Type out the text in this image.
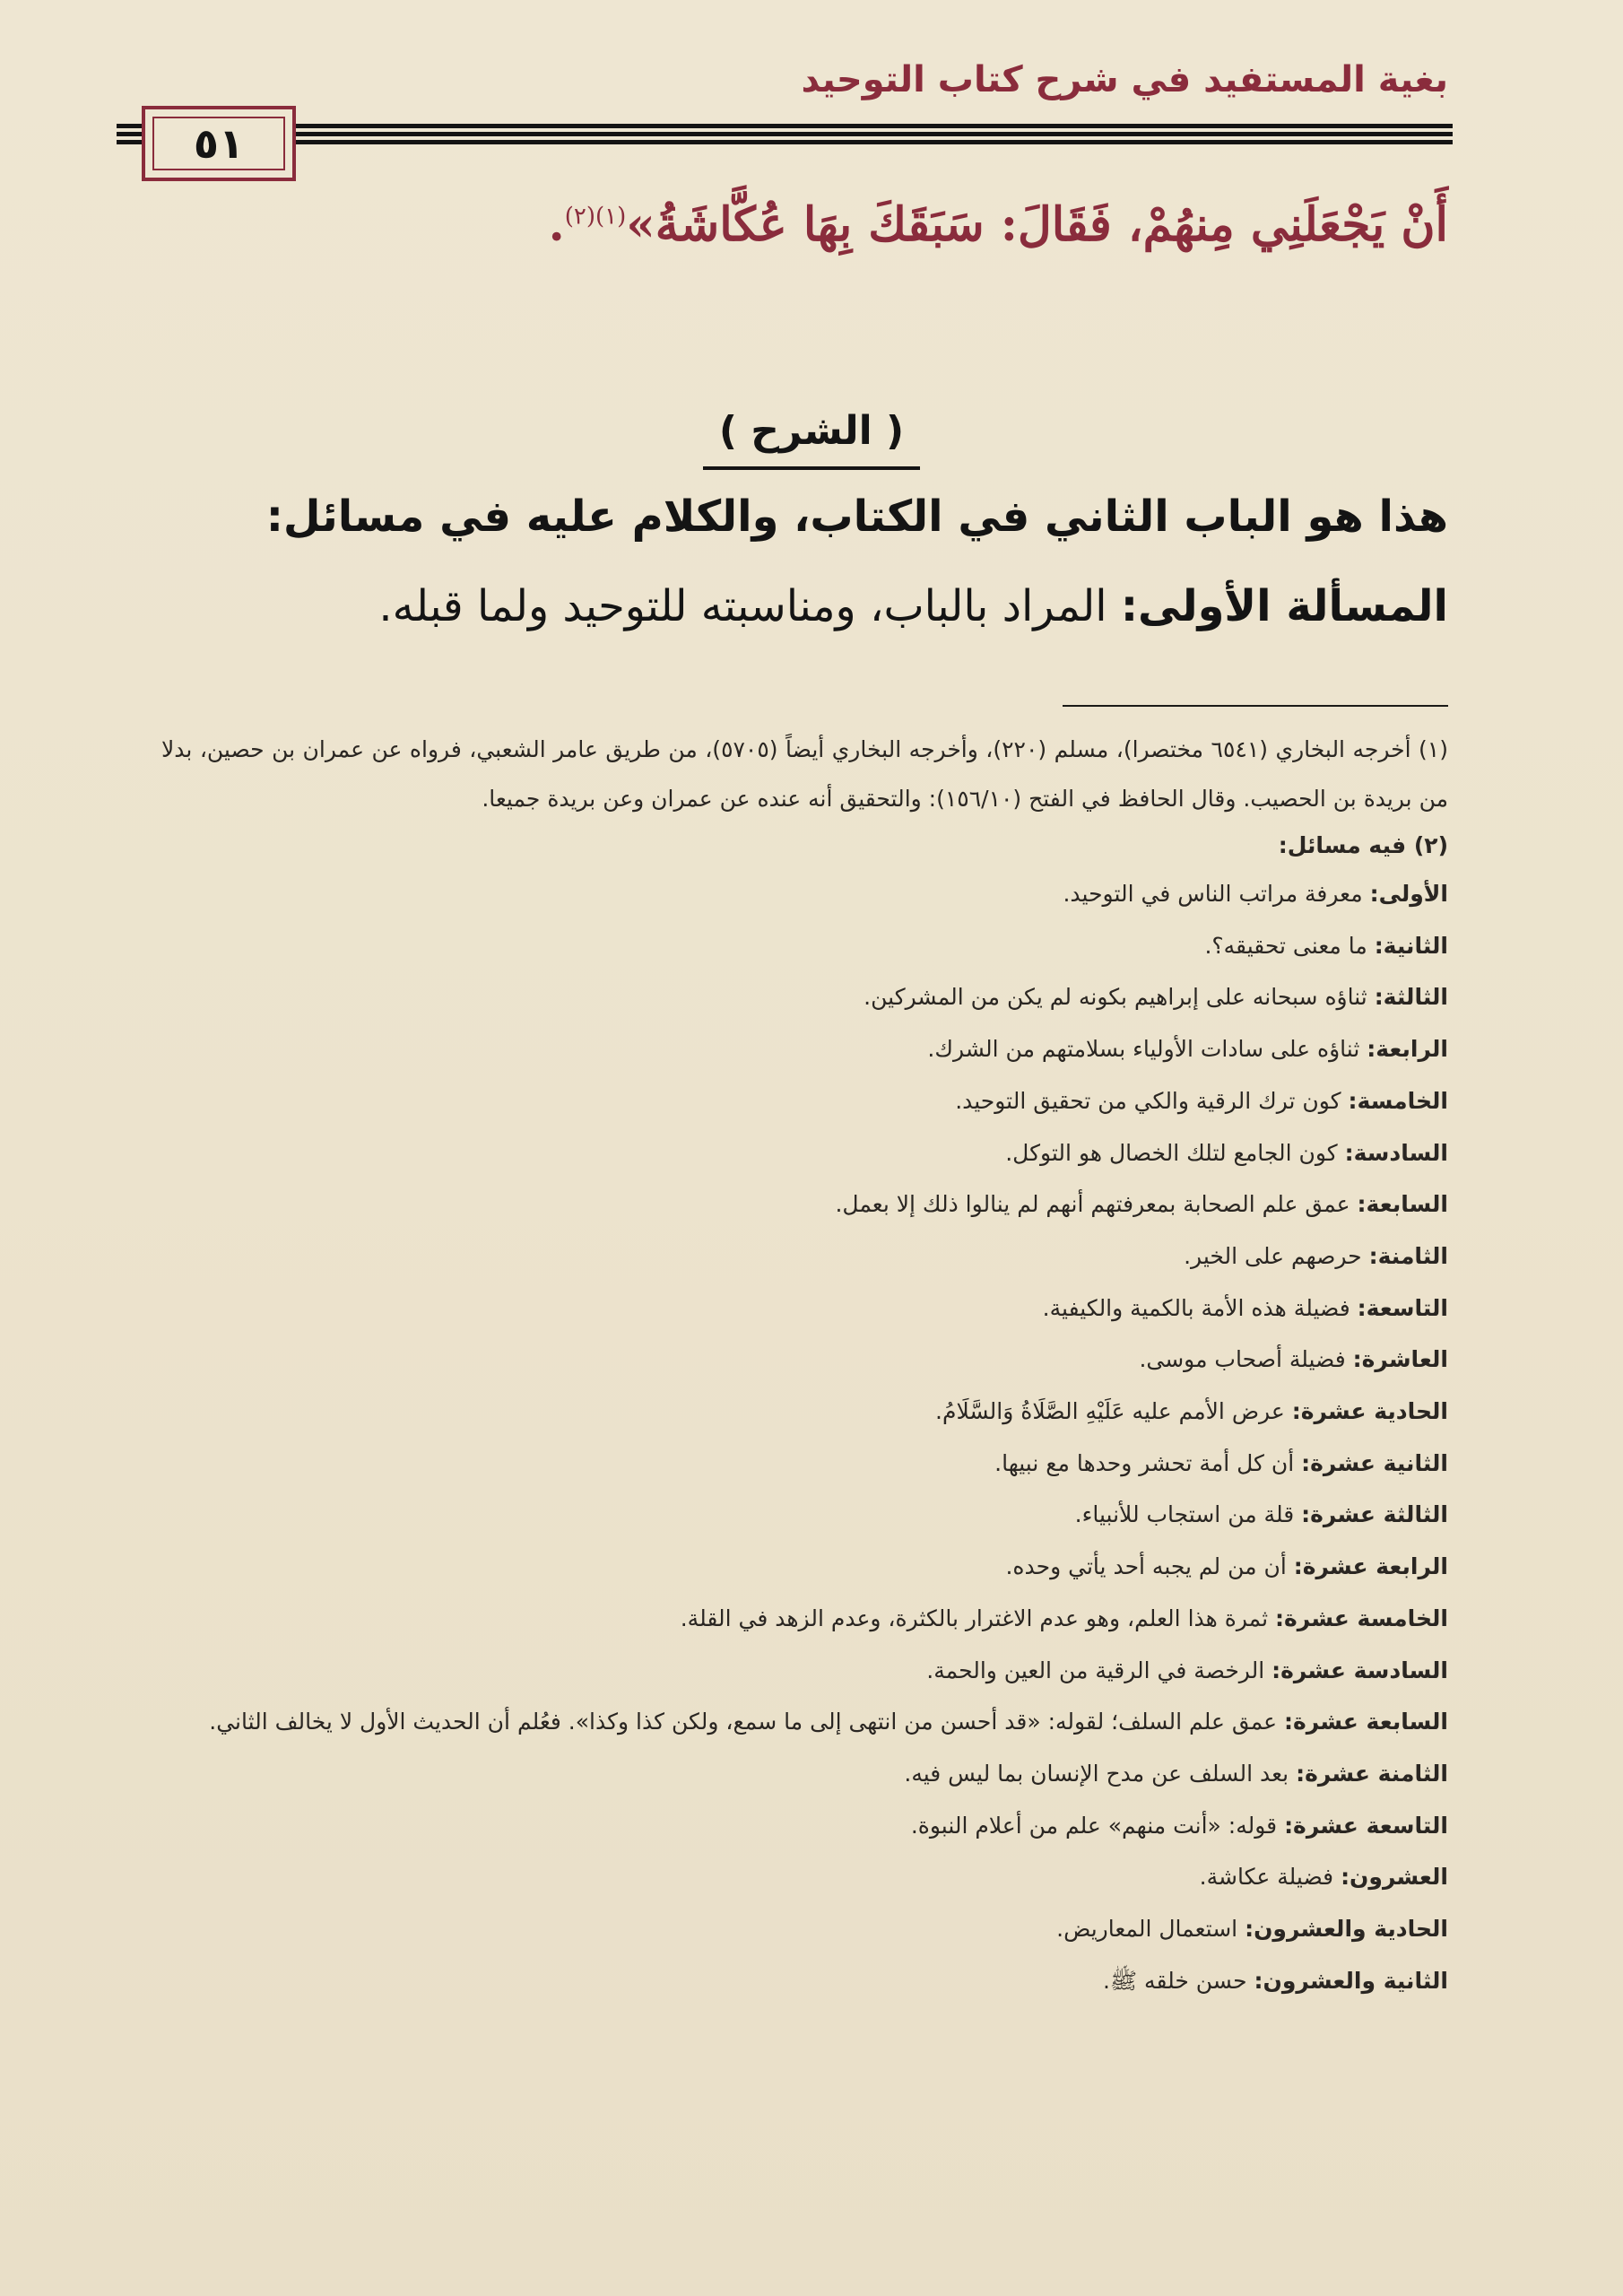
بغية المستفيد في شرح كتاب التوحيد
٥١
أَنْ يَجْعَلَنِي مِنهُمْ، فَقَالَ: سَبَقَكَ بِهَا عُكَّاشَةُ»$^{(١)(٢)}$.
( الشرح )
هذا هو الباب الثاني في الكتاب، والكلام عليه في مسائل:
المسألة الأولى: المراد بالباب، ومناسبته للتوحيد ولما قبله.

(١) أخرجه البخاري (٦٥٤١ مختصرا)، مسلم (٢٢٠)، وأخرجه البخاري أيضاً (٥٧٠٥)، من طريق عامر الشعبي، فرواه عن عمران بن حصين، بدلا من بريدة بن الحصيب. وقال الحافظ في الفتح (١٥٦/١٠): والتحقيق أنه عنده عن عمران وعن بريدة جميعا.

(٢) فيه مسائل:

الأولى: معرفة مراتب الناس في التوحيد.

الثانية: ما معنى تحقيقه؟.

الثالثة: ثناؤه سبحانه على إبراهيم بكونه لم يكن من المشركين.

الرابعة: ثناؤه على سادات الأولياء بسلامتهم من الشرك.

الخامسة: كون ترك الرقية والكي من تحقيق التوحيد.

السادسة: كون الجامع لتلك الخصال هو التوكل.

السابعة: عمق علم الصحابة بمعرفتهم أنهم لم ينالوا ذلك إلا بعمل.

الثامنة: حرصهم على الخير.

التاسعة: فضيلة هذه الأمة بالكمية والكيفية.

العاشرة: فضيلة أصحاب موسى.

الحادية عشرة: عرض الأمم عليه عَلَيْهِ الصَّلَاةُ وَالسَّلَامُ.

الثانية عشرة: أن كل أمة تحشر وحدها مع نبيها.

الثالثة عشرة: قلة من استجاب للأنبياء.

الرابعة عشرة: أن من لم يجبه أحد يأتي وحده.

الخامسة عشرة: ثمرة هذا العلم، وهو عدم الاغترار بالكثرة، وعدم الزهد في القلة.

السادسة عشرة: الرخصة في الرقية من العين والحمة.

السابعة عشرة: عمق علم السلف؛ لقوله: «قد أحسن من انتهى إلى ما سمع، ولكن كذا وكذا». فعُلم أن الحديث الأول لا يخالف الثاني.

الثامنة عشرة: بعد السلف عن مدح الإنسان بما ليس فيه.

التاسعة عشرة: قوله: «أنت منهم» علم من أعلام النبوة.

العشرون: فضيلة عكاشة.

الحادية والعشرون: استعمال المعاريض.

الثانية والعشرون: حسن خلقه ﷺ.
